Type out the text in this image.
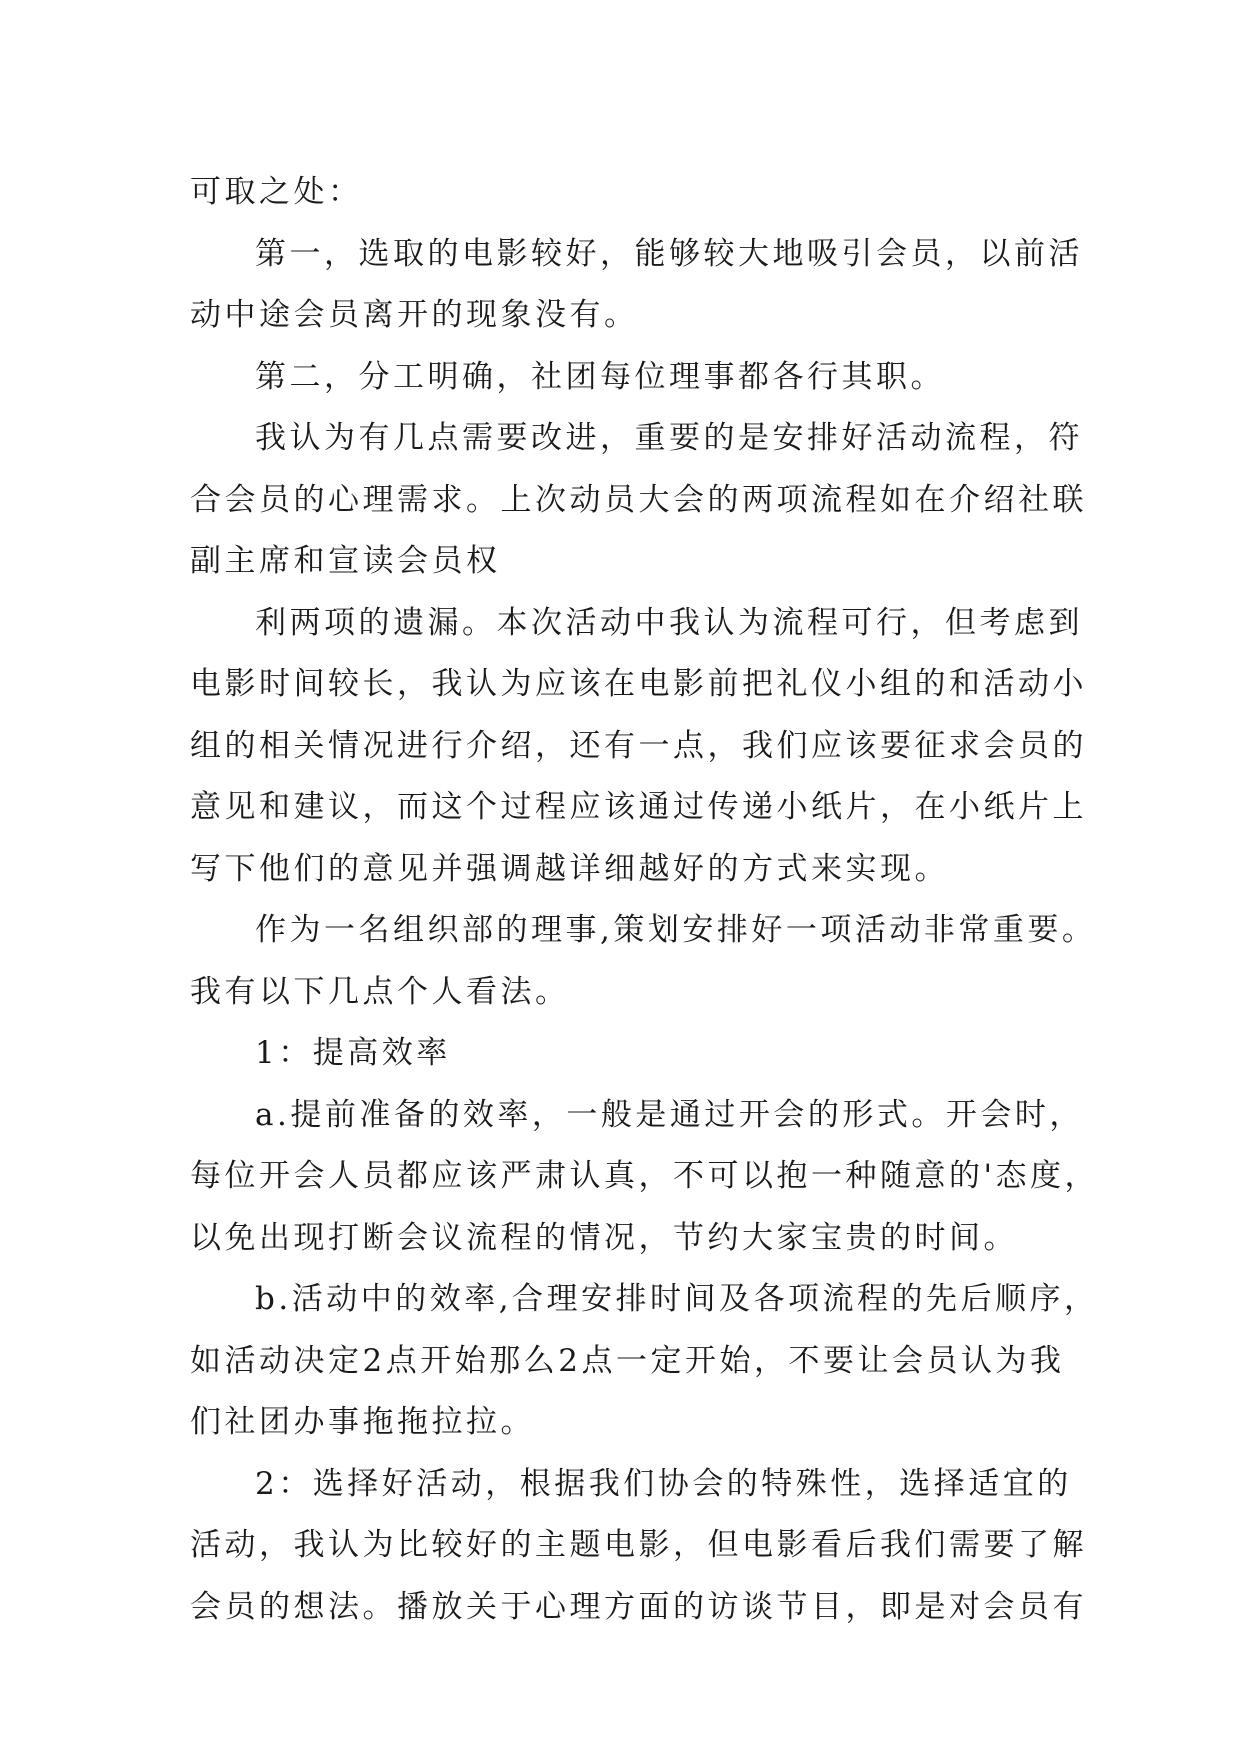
可取之处：
第一，选取的电影较好，能够较大地吸引会员，以前活
动中途会员离开的现象没有。
第二，分工明确，社团每位理事都各行其职。
我认为有几点需要改进，重要的是安排好活动流程，符
合会员的心理需求。上次动员大会的两项流程如在介绍社联
副主席和宣读会员权
利两项的遗漏。本次活动中我认为流程可行，但考虑到
电影时间较长，我认为应该在电影前把礼仪小组的和活动小
组的相关情况进行介绍，还有一点，我们应该要征求会员的
意见和建议，而这个过程应该通过传递小纸片，在小纸片上
写下他们的意见并强调越详细越好的方式来实现。
作为一名组织部的理事,策划安排好一项活动非常重要。
我有以下几点个人看法。
1：提高效率
a.提前准备的效率，一般是通过开会的形式。开会时，
每位开会人员都应该严肃认真，不可以抱一种随意的'态度，
以免出现打断会议流程的情况，节约大家宝贵的时间。
b.活动中的效率,合理安排时间及各项流程的先后顺序，
如活动决定2点开始那么2点一定开始，不要让会员认为我
们社团办事拖拖拉拉。
2：选择好活动，根据我们协会的特殊性，选择适宜的
活动，我认为比较好的主题电影，但电影看后我们需要了解
会员的想法。播放关于心理方面的访谈节目，即是对会员有
